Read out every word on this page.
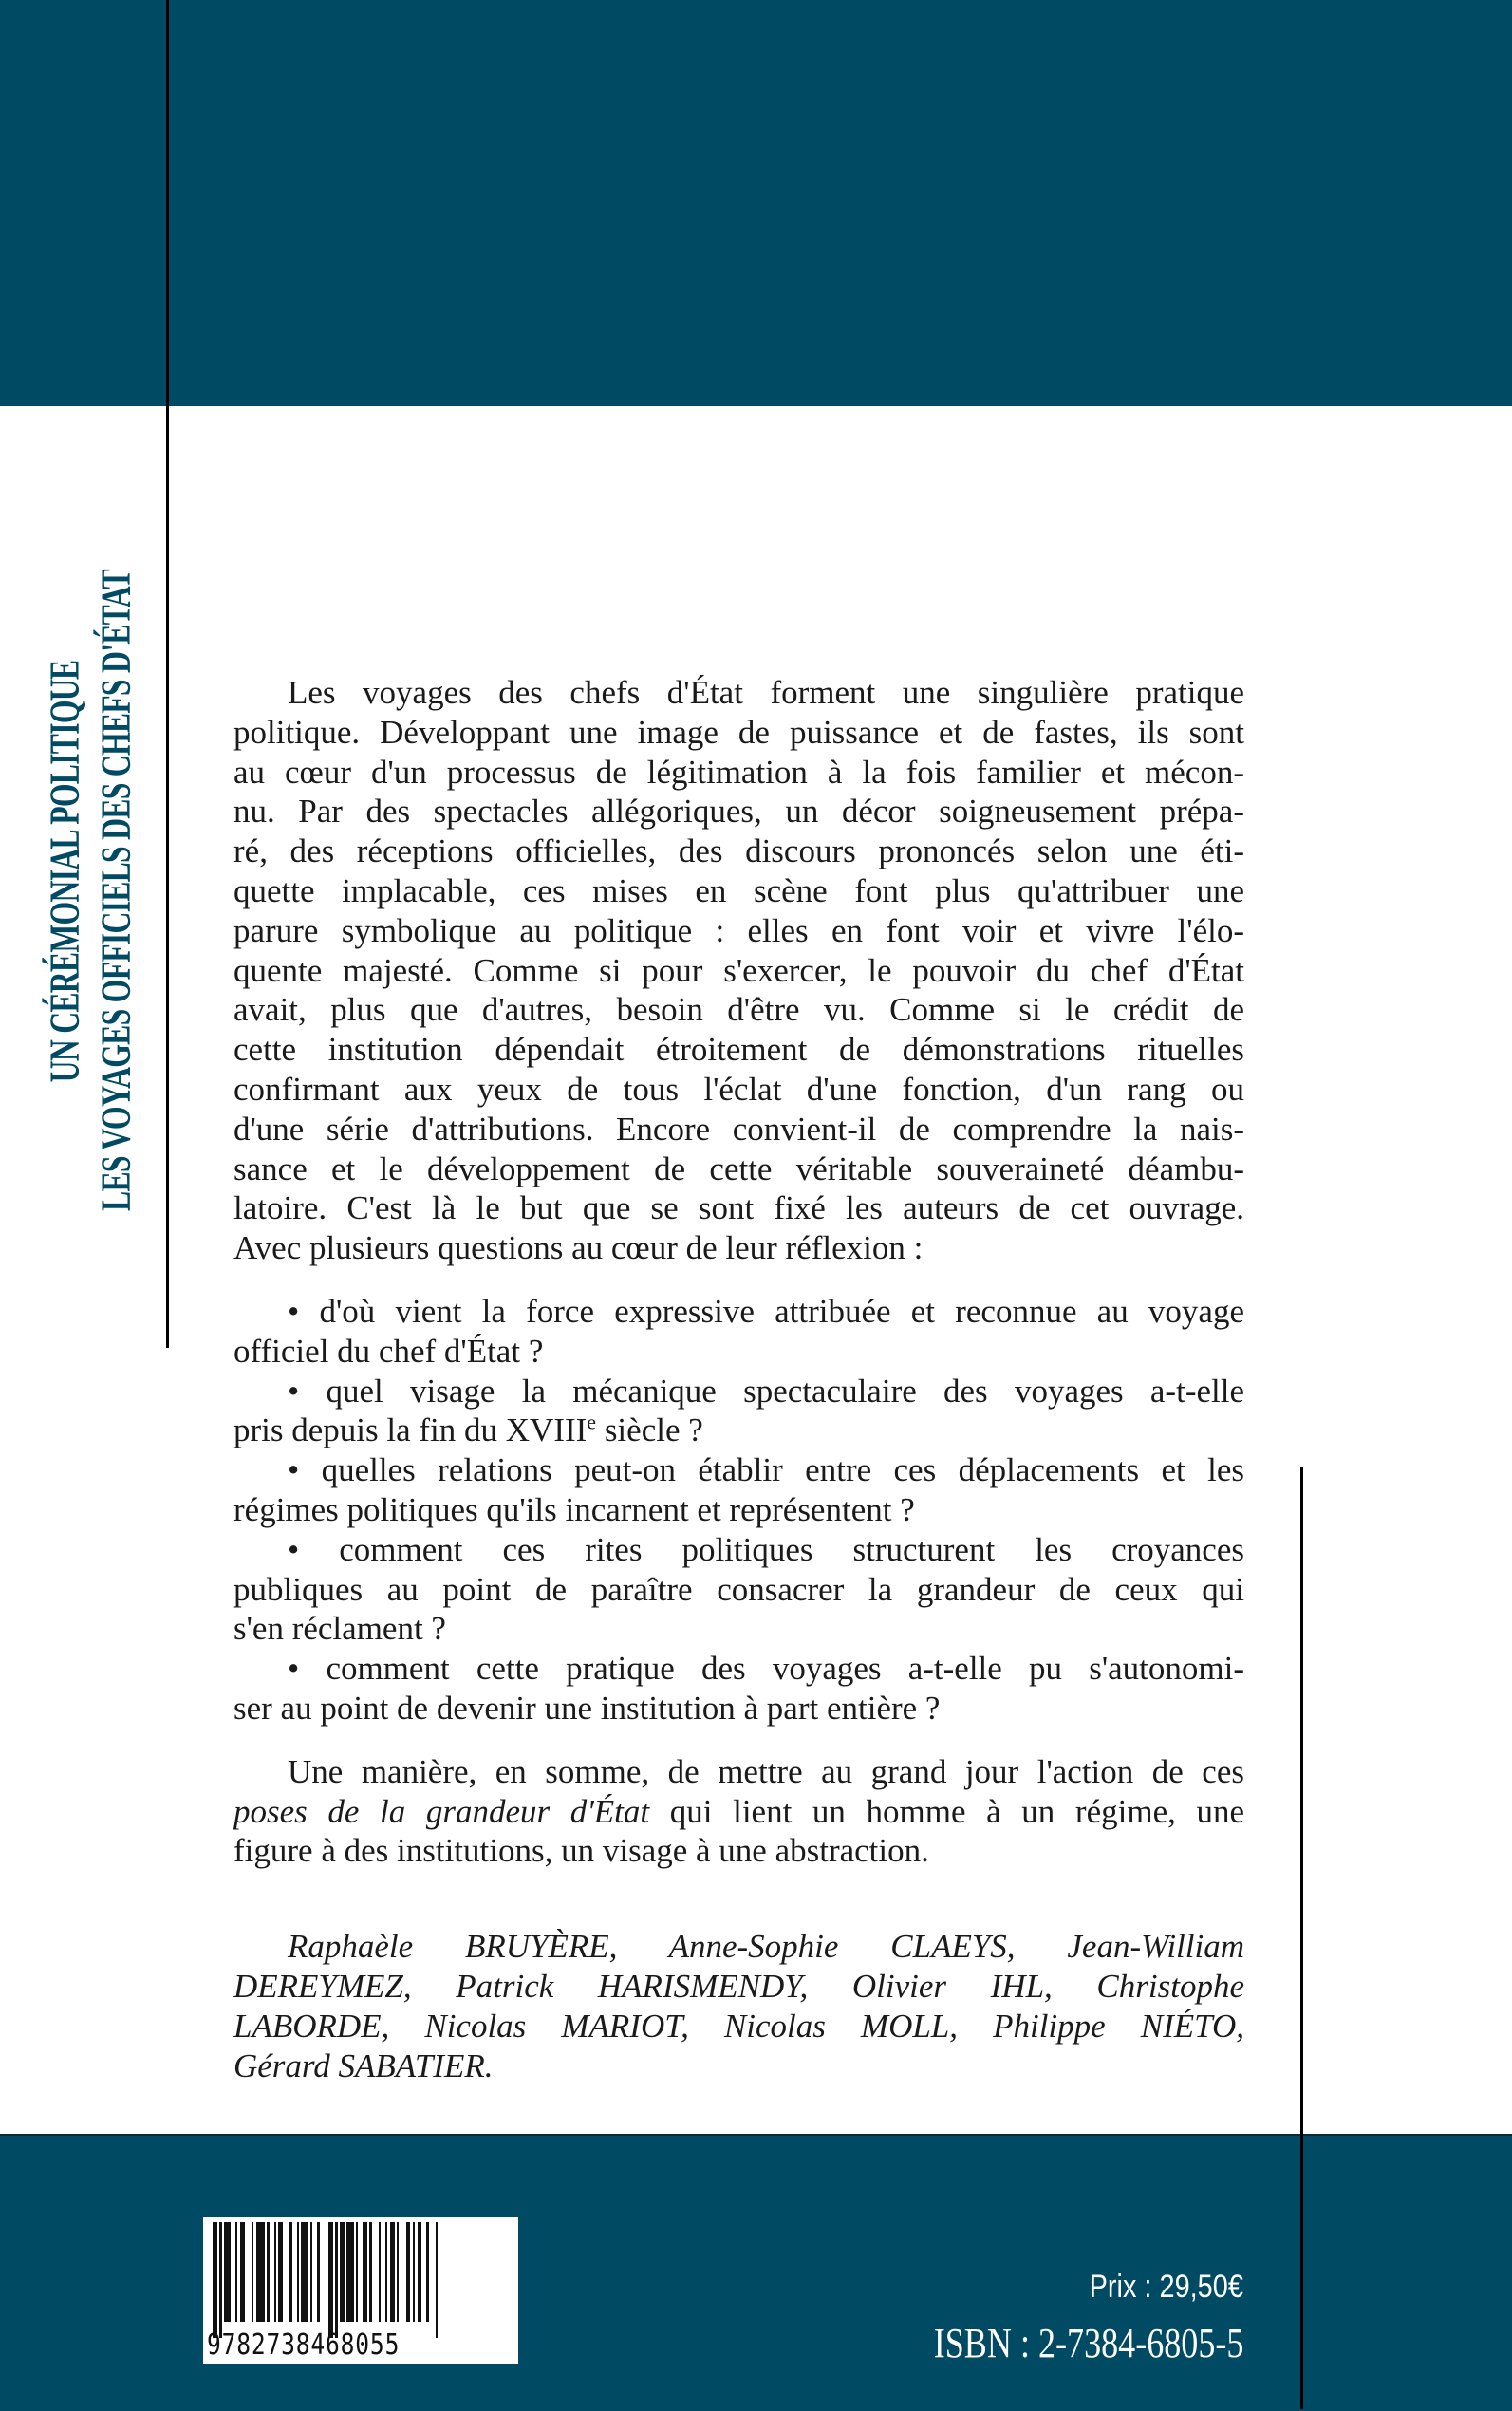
UN CÉRÉMONIAL POLITIQUE LES VOYAGES OFFICIELS DES CHEFS D'ÉTAT	Les voyages des chefs d'État forment une singulière pratique
politique. Développant une image de puissance et de fastes, ils sont
au cœur d'un processus de légitimation à la fois familier et mécon-
nu. Par des spectacles allégoriques, un décor soigneusement prépa-
ré, des réceptions officielles, des discours prononcés selon une éti-
quette implacable, ces mises en scène font plus qu'attribuer une
parure symbolique au politique : elles en font voir et vivre l'élo-
quente majesté. Comme si pour s'exercer, le pouvoir du chef d'État
avait, plus que d'autres, besoin d'être vu. Comme si le crédit de
cette institution dépendait étroitement de démonstrations rituelles
confirmant aux yeux de tous l'éclat d'une fonction, d'un rang ou
d'une série d'attributions. Encore convient-il de comprendre la nais-
sance et le développement de cette véritable souveraineté déambu-
latoire. C'est là le but que se sont fixé les auteurs de cet ouvrage.
Avec plusieurs questions au cœur de leur réflexion :
• d'où vient la force expressive attribuée et reconnue au voyage
officiel du chef d'État ?
• quel visage la mécanique spectaculaire des voyages a-t-elle
pris depuis la fin du XVIIIe siècle ?
• quelles relations peut-on établir entre ces déplacements et les
régimes politiques qu'ils incarnent et représentent ?
• comment ces rites politiques structurent les croyances
publiques au point de paraître consacrer la grandeur de ceux qui
s'en réclament ?
• comment cette pratique des voyages a-t-elle pu s'autonomi-
ser au point de devenir une institution à part entière ?
Une manière, en somme, de mettre au grand jour l'action de ces
poses de la grandeur d'État qui lient un homme à un régime, une
figure à des institutions, un visage à une abstraction.
Raphaèle BRUYÈRE, Anne-Sophie CLAEYS, Jean-William
DEREYMEZ, Patrick HARISMENDY, Olivier IHL, Christophe
LABORDE, Nicolas MARIOT, Nicolas MOLL, Philippe NIÉTO,
Gérard SABATIER.
9782738468055
Prix : 29,50€
ISBN : 2-7384-6805-5
